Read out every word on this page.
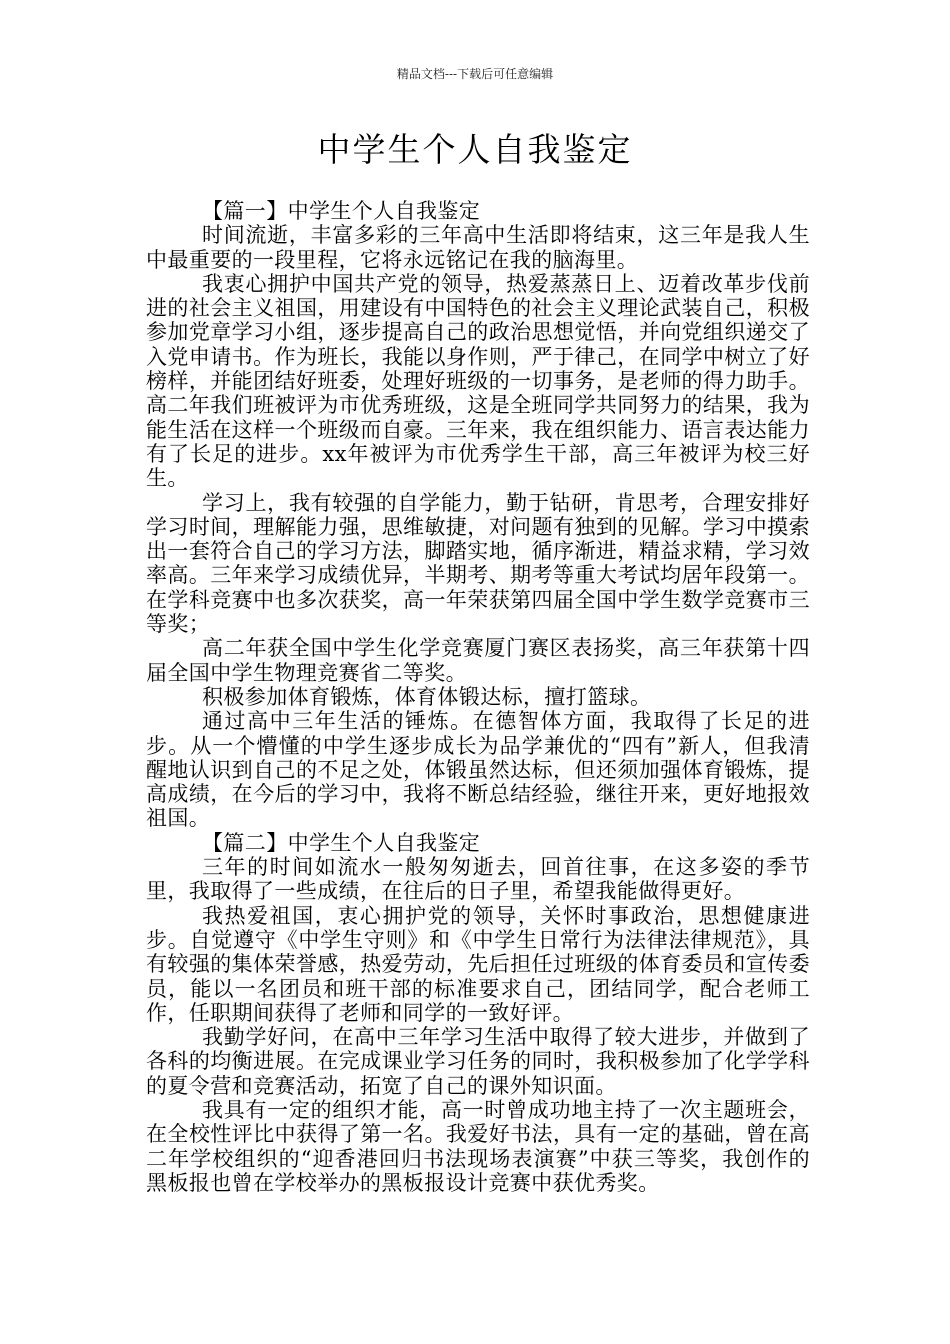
精品文档---下载后可任意编辑
中学生个人自我鉴定

【篇一】中学生个人自我鉴定

时间流逝，丰富多彩的三年高中生活即将结束，这三年是我人生中最重要的一段里程，它将永远铭记在我的脑海里。

我衷心拥护中国共产党的领导，热爱蒸蒸日上、迈着改革步伐前进的社会主义祖国，用建设有中国特色的社会主义理论武装自己，积极参加党章学习小组，逐步提高自己的政治思想觉悟，并向党组织递交了入党申请书。作为班长，我能以身作则，严于律己，在同学中树立了好榜样，并能团结好班委，处理好班级的一切事务，是老师的得力助手。高二年我们班被评为市优秀班级，这是全班同学共同努力的结果，我为能生活在这样一个班级而自豪。三年来，我在组织能力、语言表达能力有了长足的进步。xx年被评为市优秀学生干部，高三年被评为校三好生。

学习上，我有较强的自学能力，勤于钻研，肯思考，合理安排好学习时间，理解能力强，思维敏捷，对问题有独到的见解。学习中摸索出一套符合自己的学习方法，脚踏实地，循序渐进，精益求精，学习效率高。三年来学习成绩优异，半期考、期考等重大考试均居年段第一。在学科竞赛中也多次获奖，高一年荣获第四届全国中学生数学竞赛市三等奖；

高二年获全国中学生化学竞赛厦门赛区表扬奖，高三年获第十四届全国中学生物理竞赛省二等奖。

积极参加体育锻炼，体育体锻达标，擅打篮球。

通过高中三年生活的锤炼。在德智体方面，我取得了长足的进步。从一个懵懂的中学生逐步成长为品学兼优的“四有”新人，但我清醒地认识到自己的不足之处，体锻虽然达标，但还须加强体育锻炼，提高成绩，在今后的学习中，我将不断总结经验，继往开来，更好地报效祖国。

【篇二】中学生个人自我鉴定

三年的时间如流水一般匆匆逝去，回首往事，在这多姿的季节里，我取得了一些成绩，在往后的日子里，希望我能做得更好。

我热爱祖国，衷心拥护党的领导，关怀时事政治，思想健康进步。自觉遵守《中学生守则》和《中学生日常行为法律法律规范》，具有较强的集体荣誉感，热爱劳动，先后担任过班级的体育委员和宣传委员，能以一名团员和班干部的标准要求自己，团结同学，配合老师工作，任职期间获得了老师和同学的一致好评。

我勤学好问，在高中三年学习生活中取得了较大进步，并做到了各科的均衡进展。在完成课业学习任务的同时，我积极参加了化学学科的夏令营和竞赛活动，拓宽了自己的课外知识面。

我具有一定的组织才能，高一时曾成功地主持了一次主题班会，在全校性评比中获得了第一名。我爱好书法，具有一定的基础，曾在高二年学校组织的“迎香港回归书法现场表演赛”中获三等奖，我创作的黑板报也曾在学校举办的黑板报设计竞赛中获优秀奖。
